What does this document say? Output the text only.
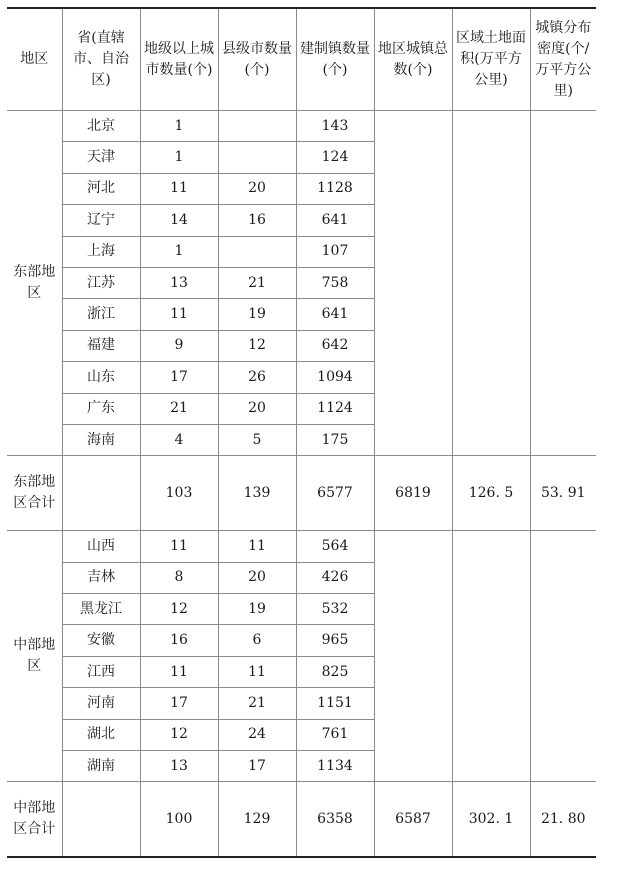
地区	省(直辖市、自治区)	地级以上城市数量(个)	县级市数量(个)	建制镇数量(个)	地区城镇总数(个)	区域土地面积(万平方公里)	城镇分布密度(个/万平方公里)
东部地区	北京	1		143			
	天津	1		124			
	河北	11	20	1128			
	辽宁	14	16	641			
	上海	1		107			
	江苏	13	21	758			
	浙江	11	19	641			
	福建	9	12	642			
	山东	17	26	1094			
	广东	21	20	1124			
	海南	4	5	175			
东部地区合计		103	139	6577	6819	126. 5	53. 91
中部地区	山西	11	11	564			
	吉林	8	20	426			
	黑龙江	12	19	532			
	安徽	16	6	965			
	江西	11	11	825			
	河南	17	21	1151			
	湖北	12	24	761			
	湖南	13	17	1134			
中部地区合计		100	129	6358	6587	302. 1	21. 80
